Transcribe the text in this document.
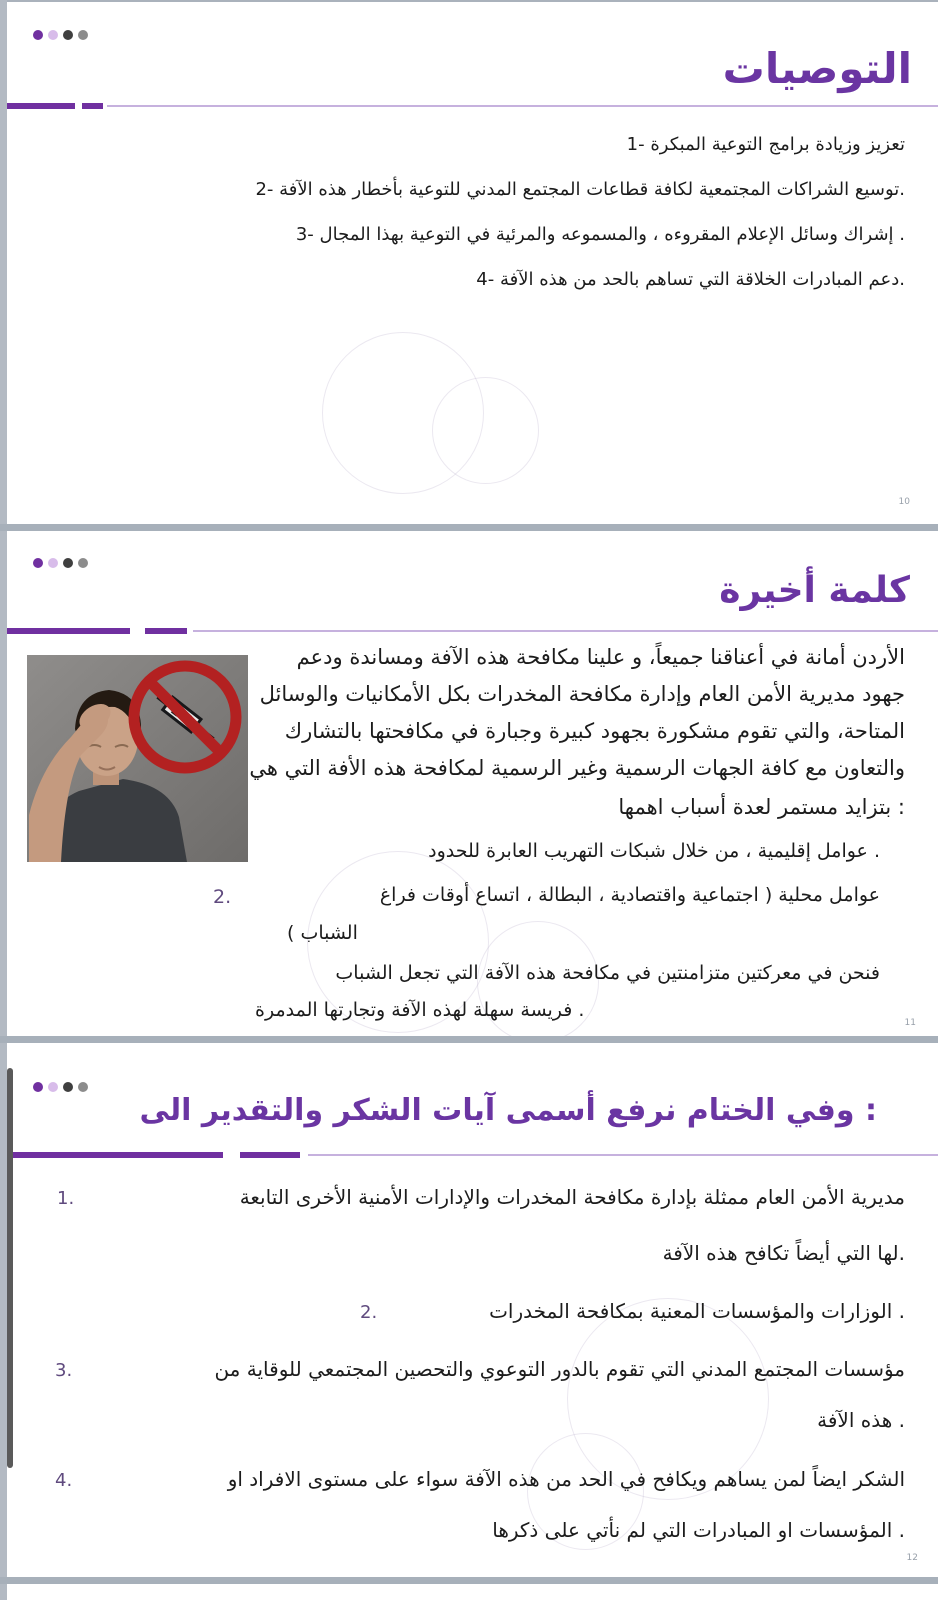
التوصيات
1- تعزيز وزيادة برامج التوعية المبكرة
2- توسيع الشراكات المجتمعية لكافة قطاعات المجتمع المدني للتوعية بأخطار هذه الآفة.
3- إشراك وسائل الإعلام المقروءه ، والمسموعه والمرئية في التوعية بهذا المجال .
4- دعم المبادرات الخلاقة التي تساهم بالحد من هذه الآفة.
10
كلمة أخيرة
الأردن أمانة في أعناقنا جميعاً، و علينا مكافحة هذه الآفة ومساندة ودعم
جهود مديرية الأمن العام وإدارة مكافحة المخدرات بكل الأمكانيات والوسائل
المتاحة، والتي تقوم مشكورة بجهود كبيرة وجبارة في مكافحتها بالتشارك
والتعاون مع كافة الجهات الرسمية وغير الرسمية لمكافحة هذه الأفة التي هي
بتزايد مستمر لعدة أسباب اهمها :
عوامل إقليمية ، من خلال شبكات التهريب العابرة للحدود .
2.	عوامل محلية ( اجتماعية واقتصادية ، البطالة ، اتساع أوقات فراغ
الشباب )
فنحن في معركتين متزامنتين في مكافحة هذه الآفة التي تجعل الشباب
فريسة سهلة لهذه الآفة وتجارتها المدمرة .
11
وفي الختام نرفع أسمى آيات الشكر والتقدير الى :
1.	مديرية الأمن العام ممثلة بإدارة مكافحة المخدرات والإدارات الأمنية الأخرى التابعة
لها التي أيضاً تكافح هذه الآفة.
2.	الوزارات والمؤسسات المعنية بمكافحة المخدرات .
3.	مؤسسات المجتمع المدني التي تقوم بالدور التوعوي والتحصين المجتمعي للوقاية من
هذه الآفة .
4.	الشكر ايضاً لمن يساهم ويكافح في الحد من هذه الآفة سواء على مستوى الافراد او
المؤسسات او المبادرات التي لم نأتي على ذكرها .
12
